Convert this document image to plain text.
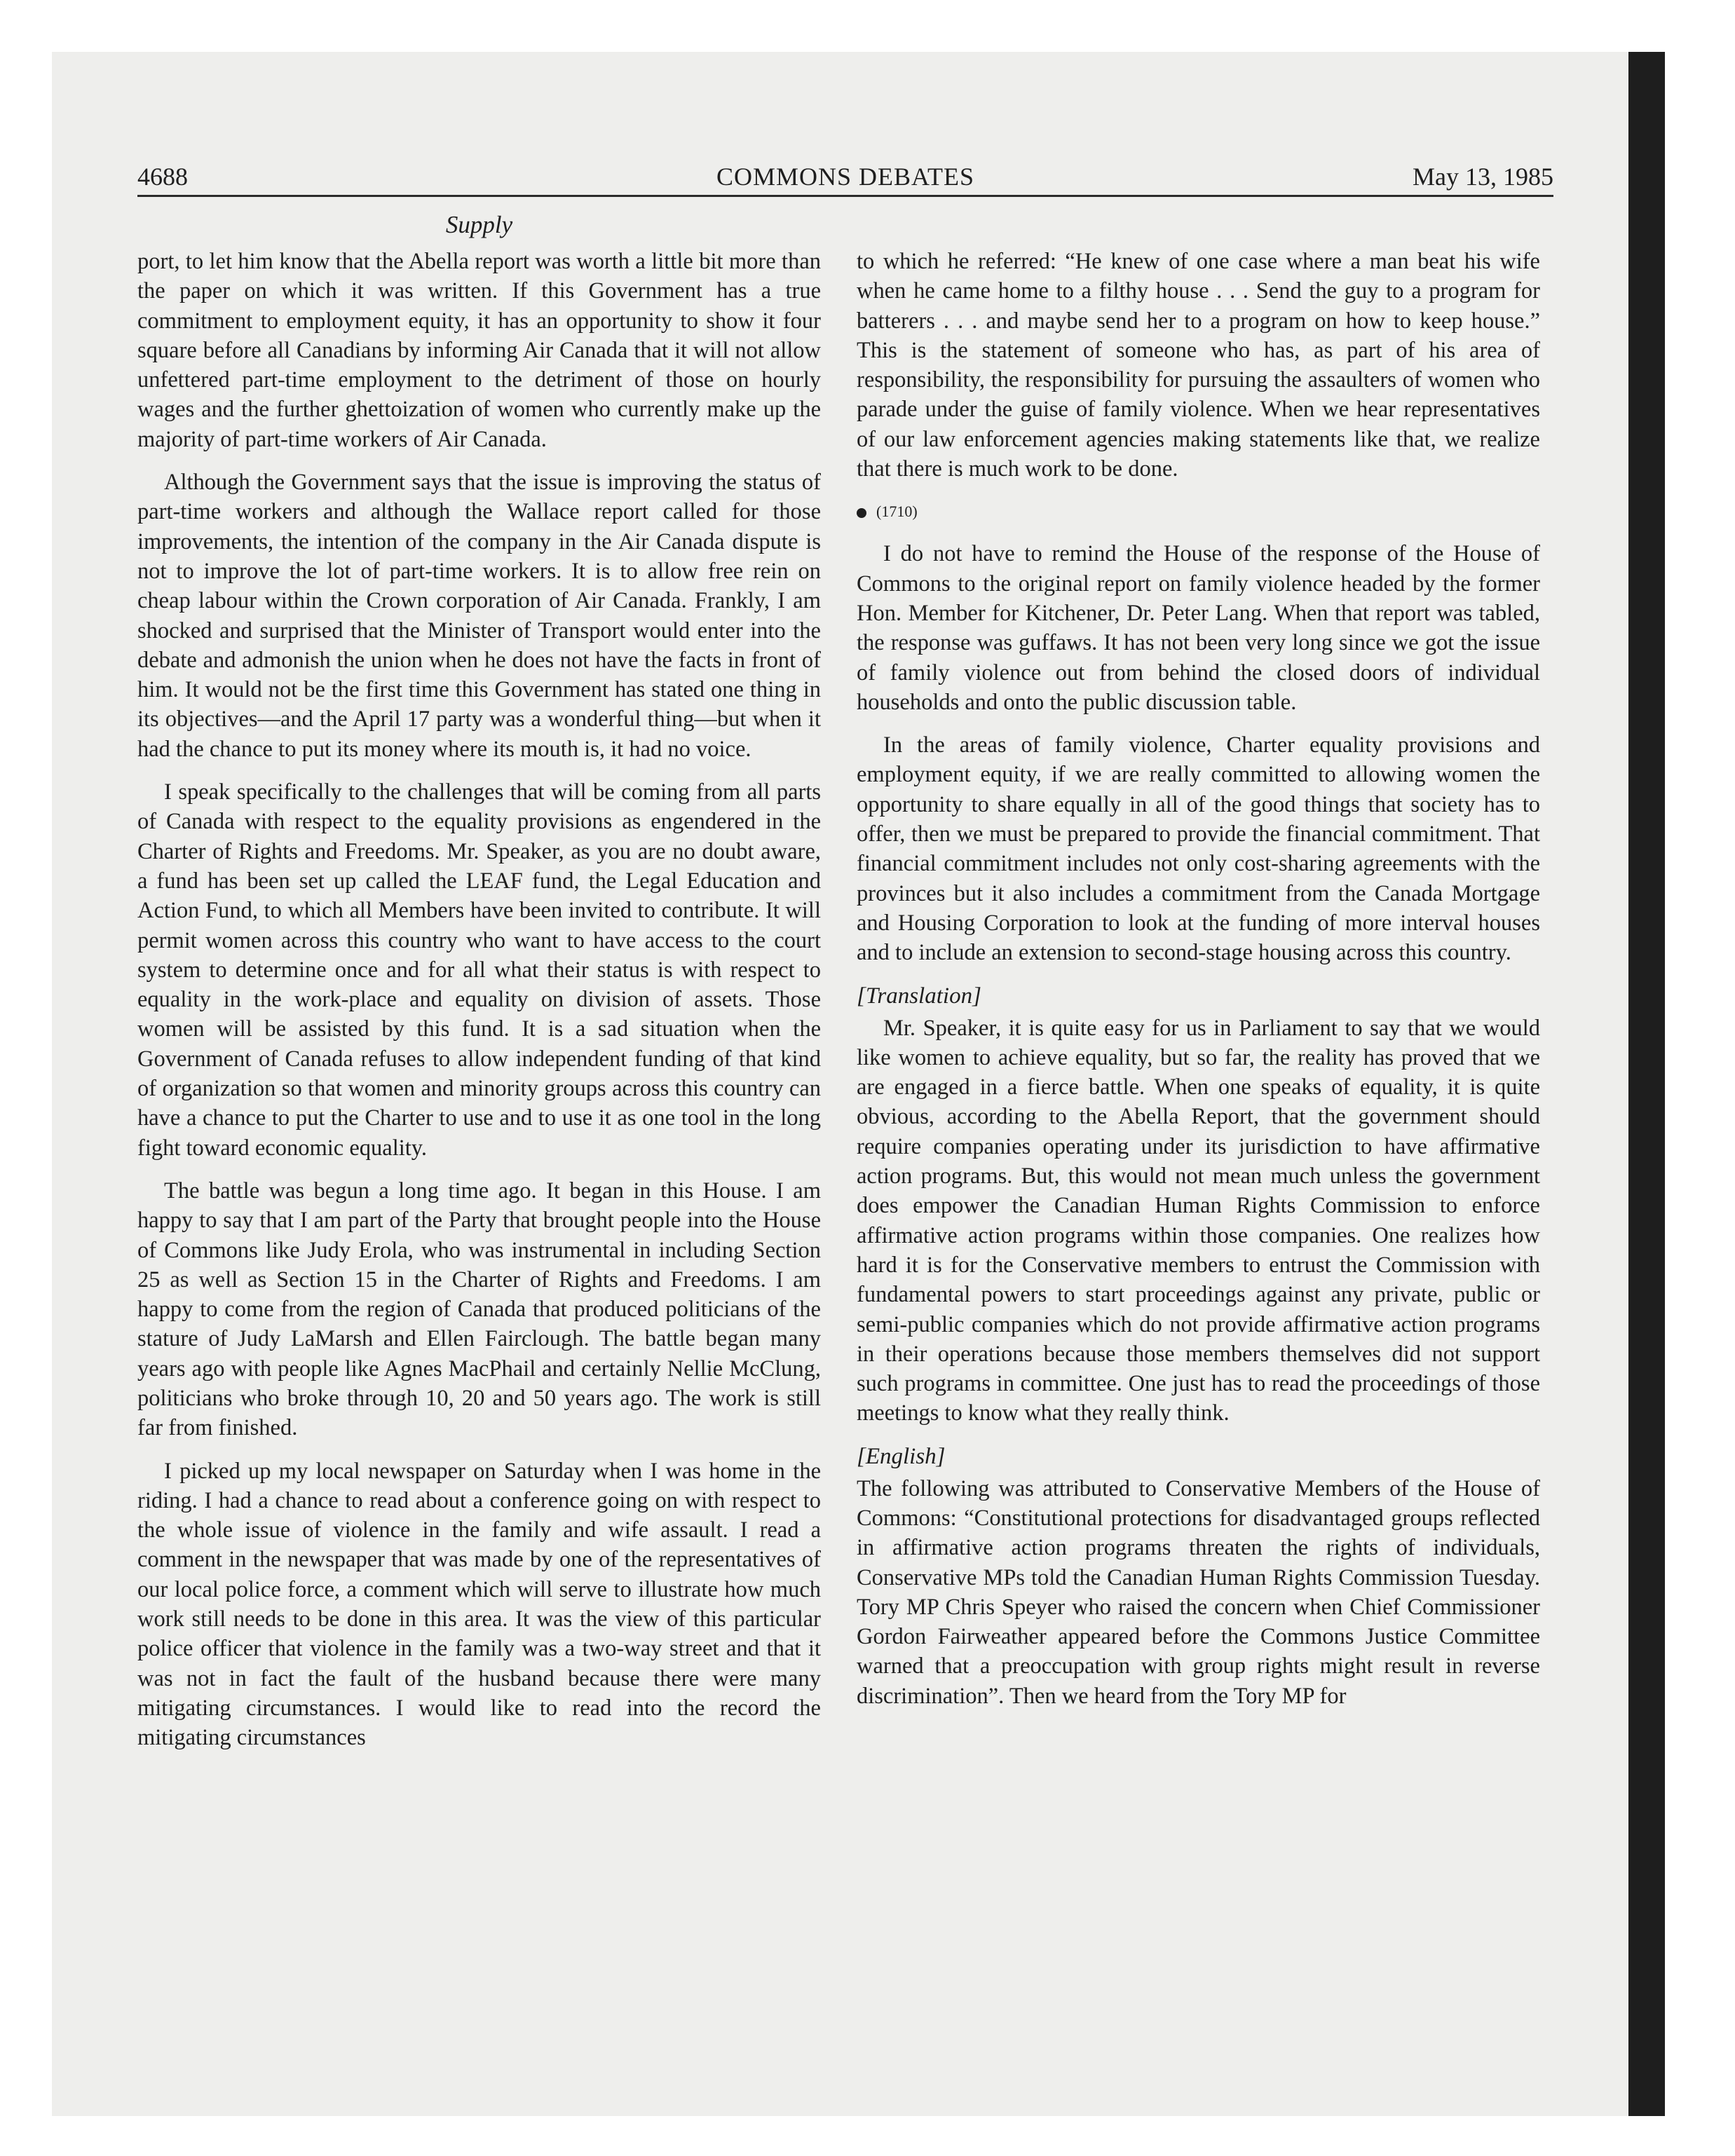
4688	COMMONS DEBATES	May 13, 1985
Supply

port, to let him know that the Abella report was worth a little bit more than the paper on which it was written. If this Government has a true commitment to employment equity, it has an opportunity to show it four square before all Canadians by informing Air Canada that it will not allow unfettered part-time employment to the detriment of those on hourly wages and the further ghettoization of women who currently make up the majority of part-time workers of Air Canada.

Although the Government says that the issue is improving the status of part-time workers and although the Wallace report called for those improvements, the intention of the company in the Air Canada dispute is not to improve the lot of part-time workers. It is to allow free rein on cheap labour within the Crown corporation of Air Canada. Frankly, I am shocked and surprised that the Minister of Transport would enter into the debate and admonish the union when he does not have the facts in front of him. It would not be the first time this Government has stated one thing in its objectives—and the April 17 party was a wonderful thing—but when it had the chance to put its money where its mouth is, it had no voice.

I speak specifically to the challenges that will be coming from all parts of Canada with respect to the equality provisions as engendered in the Charter of Rights and Freedoms. Mr. Speaker, as you are no doubt aware, a fund has been set up called the LEAF fund, the Legal Education and Action Fund, to which all Members have been invited to contribute. It will permit women across this country who want to have access to the court system to determine once and for all what their status is with respect to equality in the work-place and equality on division of assets. Those women will be assisted by this fund. It is a sad situation when the Government of Canada refuses to allow independent funding of that kind of organization so that women and minority groups across this country can have a chance to put the Charter to use and to use it as one tool in the long fight toward economic equality.

The battle was begun a long time ago. It began in this House. I am happy to say that I am part of the Party that brought people into the House of Commons like Judy Erola, who was instrumental in including Section 25 as well as Section 15 in the Charter of Rights and Freedoms. I am happy to come from the region of Canada that produced politicians of the stature of Judy LaMarsh and Ellen Fairclough. The battle began many years ago with people like Agnes MacPhail and certainly Nellie McClung, politicians who broke through 10, 20 and 50 years ago. The work is still far from finished.

I picked up my local newspaper on Saturday when I was home in the riding. I had a chance to read about a conference going on with respect to the whole issue of violence in the family and wife assault. I read a comment in the newspaper that was made by one of the representatives of our local police force, a comment which will serve to illustrate how much work still needs to be done in this area. It was the view of this particular police officer that violence in the family was a two-way street and that it was not in fact the fault of the husband because there were many mitigating circumstances. I would like to read into the record the mitigating circumstances

to which he referred: “He knew of one case where a man beat his wife when he came home to a filthy house . . . Send the guy to a program for batterers . . . and maybe send her to a program on how to keep house.” This is the statement of someone who has, as part of his area of responsibility, the responsibility for pursuing the assaulters of women who parade under the guise of family violence. When we hear representatives of our law enforcement agencies making statements like that, we realize that there is much work to be done.

(1710)

I do not have to remind the House of the response of the House of Commons to the original report on family violence headed by the former Hon. Member for Kitchener, Dr. Peter Lang. When that report was tabled, the response was guffaws. It has not been very long since we got the issue of family violence out from behind the closed doors of individual households and onto the public discussion table.

In the areas of family violence, Charter equality provisions and employment equity, if we are really committed to allowing women the opportunity to share equally in all of the good things that society has to offer, then we must be prepared to provide the financial commitment. That financial commitment includes not only cost-sharing agreements with the provinces but it also includes a commitment from the Canada Mortgage and Housing Corporation to look at the funding of more interval houses and to include an extension to second-stage housing across this country.

[Translation]

Mr. Speaker, it is quite easy for us in Parliament to say that we would like women to achieve equality, but so far, the reality has proved that we are engaged in a fierce battle. When one speaks of equality, it is quite obvious, according to the Abella Report, that the government should require companies operating under its jurisdiction to have affirmative action programs. But, this would not mean much unless the government does empower the Canadian Human Rights Commission to enforce affirmative action programs within those companies. One realizes how hard it is for the Conservative members to entrust the Commission with fundamental powers to start proceedings against any private, public or semi-public companies which do not provide affirmative action programs in their operations because those members themselves did not support such programs in committee. One just has to read the proceedings of those meetings to know what they really think.

[English]

The following was attributed to Conservative Members of the House of Commons: “Constitutional protections for disadvantaged groups reflected in affirmative action programs threaten the rights of individuals, Conservative MPs told the Canadian Human Rights Commission Tuesday. Tory MP Chris Speyer who raised the concern when Chief Commissioner Gordon Fairweather appeared before the Commons Justice Committee warned that a preoccupation with group rights might result in reverse discrimination”. Then we heard from the Tory MP for
